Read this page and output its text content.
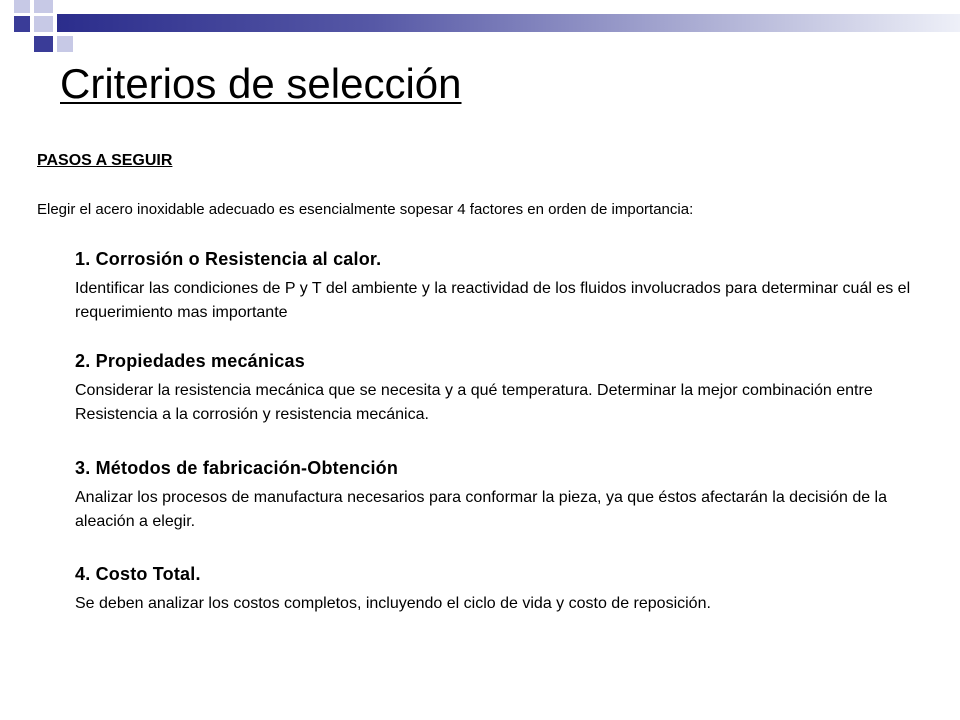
Criterios de selección
PASOS A SEGUIR
Elegir el acero inoxidable adecuado es esencialmente sopesar 4 factores en orden de importancia:
1. Corrosión o Resistencia al calor.

Identificar las condiciones de P y T del ambiente y la reactividad de los fluidos involucrados para determinar cuál es el requerimiento mas importante

2. Propiedades mecánicas

Considerar la resistencia mecánica que se necesita y a qué temperatura. Determinar la mejor combinación entre Resistencia a la corrosión y resistencia mecánica.

3. Métodos de fabricación-Obtención

Analizar los procesos de manufactura necesarios para conformar la pieza, ya que éstos afectarán la decisión de la aleación a elegir.

4. Costo Total.

Se deben analizar los costos completos, incluyendo el ciclo de vida y costo de reposición.
